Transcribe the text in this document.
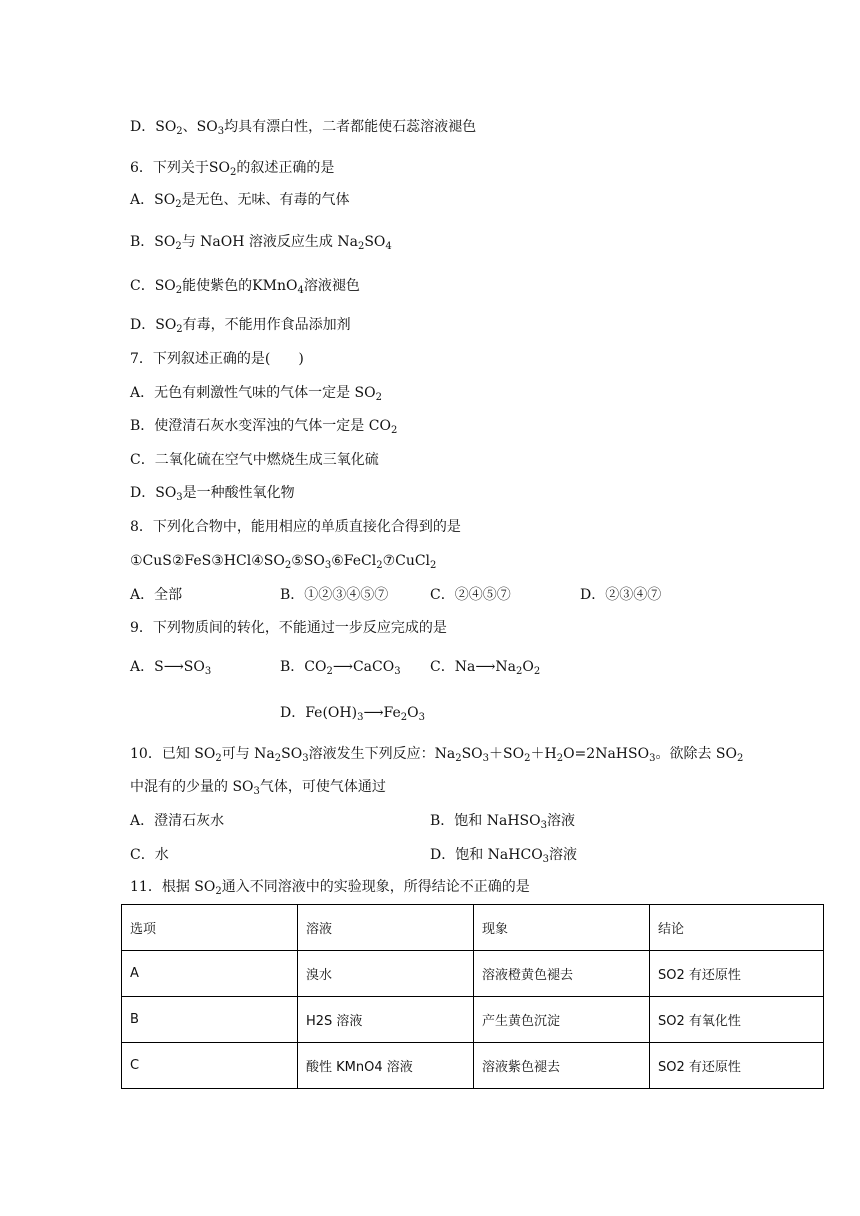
D．$SO_2$、$SO_3$均具有漂白性，二者都能使石蕊溶液褪色
6．下列关于$SO_2$的叙述正确的是
A．$SO_2$是无色、无味、有毒的气体
B．$SO_2$与 NaOH 溶液反应生成 $Na_2SO_4$
C．$SO_2$能使紫色的KMnO$_4$溶液褪色
D．$SO_2$有毒，不能用作食品添加剂
7．下列叙述正确的是(　　)
A．无色有刺激性气味的气体一定是 $SO_2$
B．使澄清石灰水变浑浊的气体一定是 $CO_2$
C．二氧化硫在空气中燃烧生成三氧化硫
D．$SO_3$是一种酸性氧化物
8．下列化合物中，能用相应的单质直接化合得到的是
$①CuS②FeS③HCl④SO_2⑤SO_3⑥FeCl_2⑦CuCl_2$
A．全部	B．①②③④⑤⑦	C．②④⑤⑦	D．②③④⑦
9．下列物质间的转化，不能通过一步反应完成的是
A．$S⟶SO_3$	B．$CO_2⟶CaCO_3$ C．$Na⟶Na_2O_2$
D．$Fe(OH)_3⟶Fe_2O_3$
10．已知 $SO_2$可与 $Na_2SO_3$溶液发生下列反应：$Na_2SO_3+SO_2+H_2O=2NaHSO_3$。欲除去 $SO_2$
中混有的少量的 $SO_3$气体，可使气体通过
A．澄清石灰水	B．饱和 NaHSO$_3$溶液
C．水	D．饱和 NaHCO$_3$溶液
11．根据 $SO_2$通入不同溶液中的实验现象，所得结论不正确的是
选项	溶液	现象	结论
A	溴水	溶液橙黄色褪去	SO2 有还原性
B	H2S 溶液	产生黄色沉淀	SO2 有氧化性
C	酸性 KMnO4 溶液	溶液紫色褪去	SO2 有还原性
